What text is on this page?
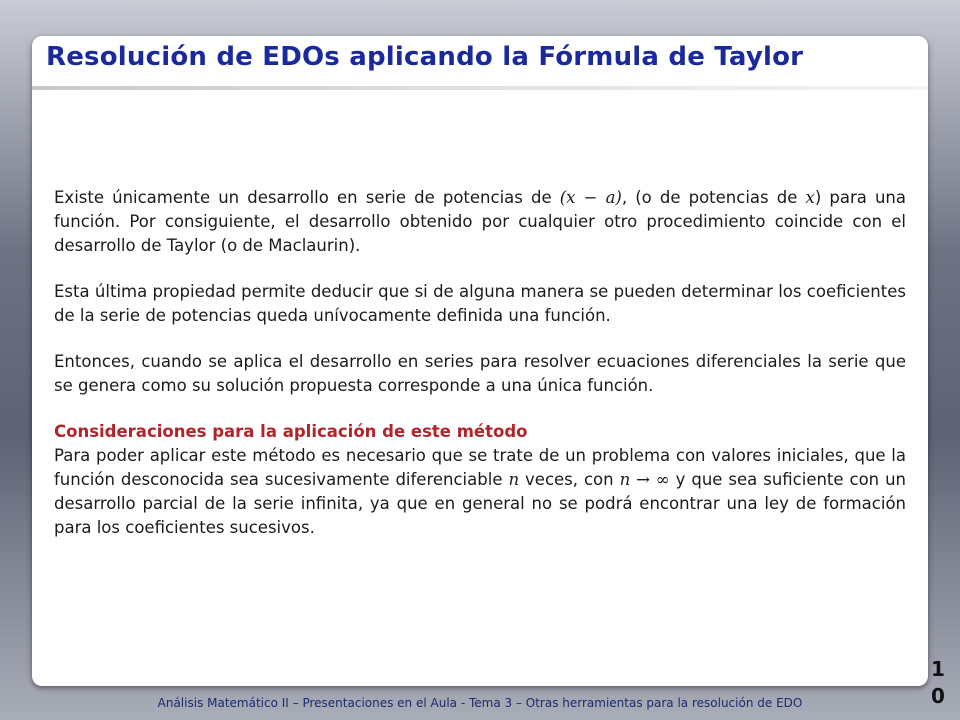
Resolución de EDOs aplicando la Fórmula de Taylor

Existe únicamente un desarrollo en serie de potencias de (x − a), (o de potencias de x) para una función. Por consiguiente, el desarrollo obtenido por cualquier otro procedimiento coincide con el desarrollo de Taylor (o de Maclaurin).

Esta última propiedad permite deducir que si de alguna manera se pueden determinar los coeficientes de la serie de potencias queda unívocamente definida una función.

Entonces, cuando se aplica el desarrollo en series para resolver ecuaciones diferenciales la serie que se genera como su solución propuesta corresponde a una única función.

Consideraciones para la aplicación de este método
Para poder aplicar este método es necesario que se trate de un problema con valores iniciales, que la función desconocida sea sucesivamente diferenciable n veces, con n → ∞ y que sea suficiente con un desarrollo parcial de la serie infinita, ya que en general no se podrá encontrar una ley de formación para los coeficientes sucesivos.

1
0
Análisis Matemático II – Presentaciones en el Aula - Tema 3 – Otras herramientas para la resolución de EDO
